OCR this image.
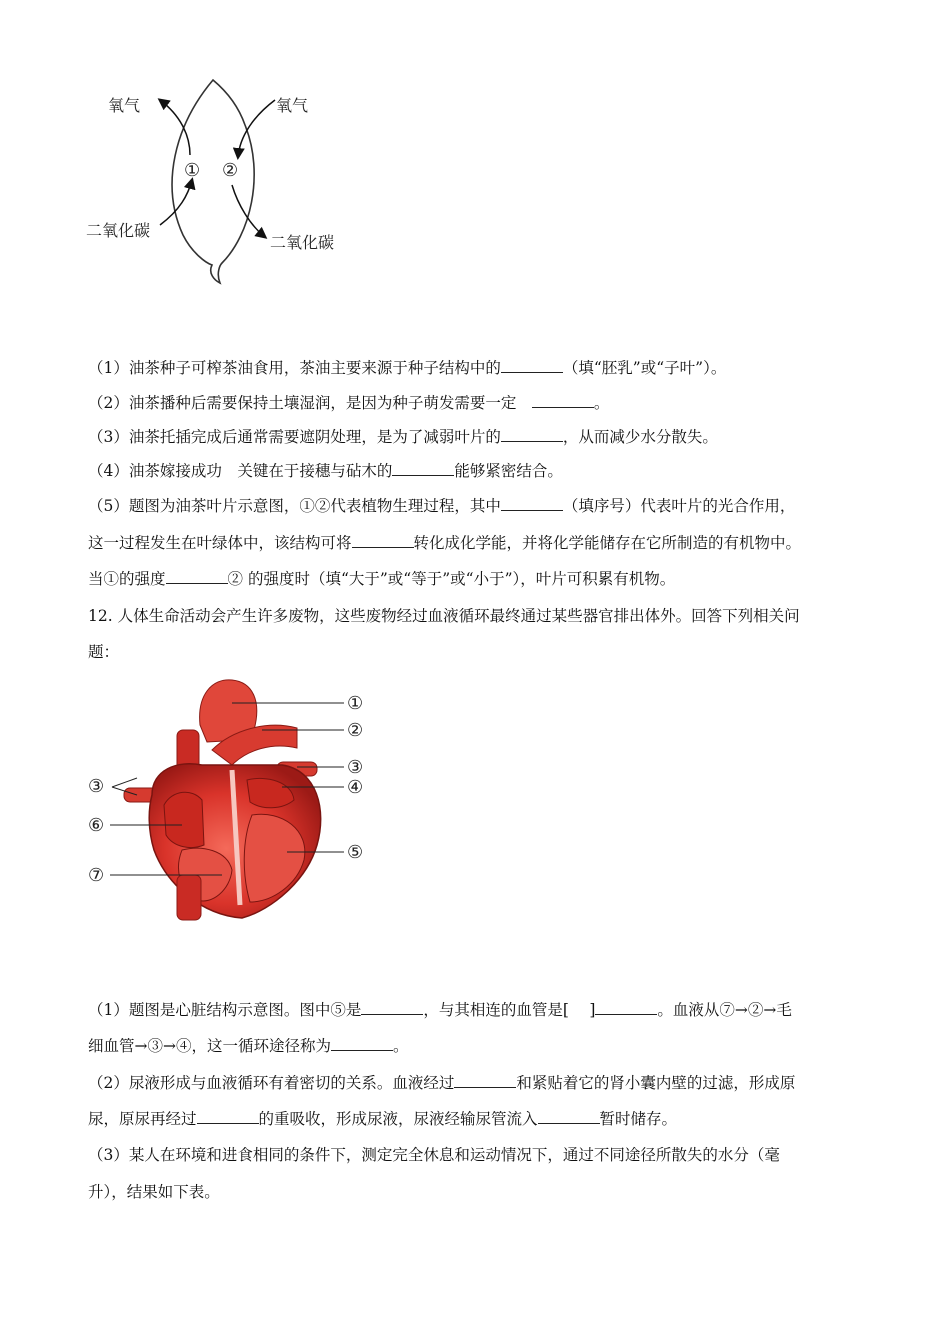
氧气	氧气
二氧化碳
二氧化碳
① ②
（1）油茶种子可榨茶油食用，茶油主要来源于种子结构中的	（填“胚乳”或“子叶”）。
（2）油茶播种后需要保持土壤湿润，是因为种子萌发需要一定　	。
（3）油茶托插完成后通常需要遮阴处理，是为了减弱叶片的	，从而减少水分散失。
（4）油茶嫁接成功　关键在于接穗与砧木的	能够紧密结合。
（5）题图为油茶叶片示意图，①②代表植物生理过程，其中	（填序号）代表叶片的光合作用，
这一过程发生在叶绿体中，该结构可将	转化成化学能，并将化学能储存在它所制造的有机物中。
当①的强度	② 的强度时（填“大于”或“等于”或“小于”），叶片可积累有机物。
12. 人体生命活动会产生许多废物，这些废物经过血液循环最终通过某些器官排出体外。回答下列相关问
题：
①
②
③
④
⑤
③
⑥
⑦
（1）题图是心脏结构示意图。图中⑤是	，与其相连的血管是[　 ]	。血液从⑦→②→毛
细血管→③→④，这一循环途径称为	。
（2）尿液形成与血液循环有着密切的关系。血液经过	和紧贴着它的肾小囊内壁的过滤，形成原
尿，原尿再经过	的重吸收，形成尿液，尿液经输尿管流入	暂时储存。
（3）某人在环境和进食相同的条件下，测定完全休息和运动情况下，通过不同途径所散失的水分（毫
升），结果如下表。
